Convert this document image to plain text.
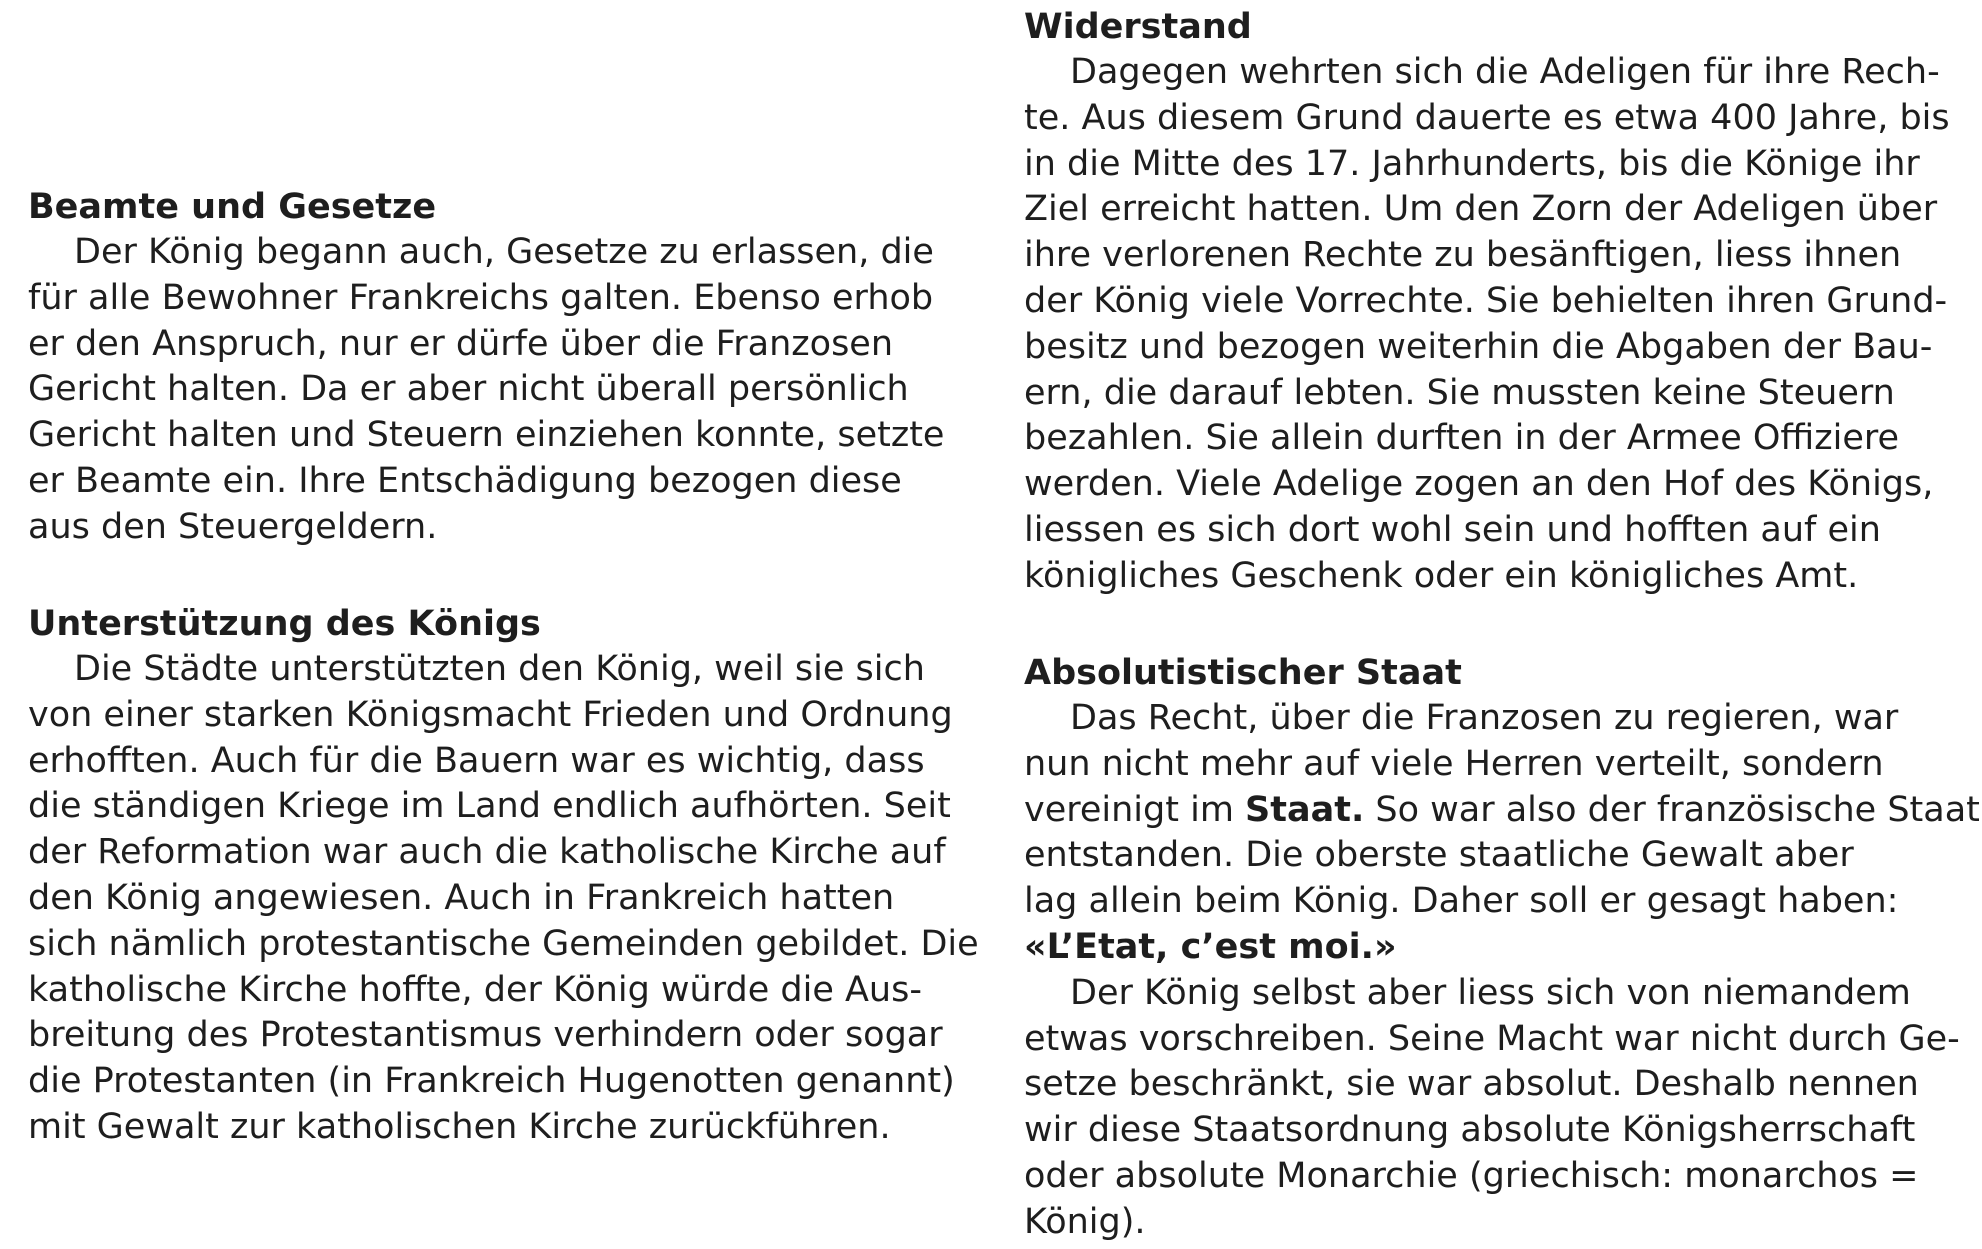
Beamte und Gesetze
Der König begann auch, Gesetze zu erlassen, die
für alle Bewohner Frankreichs galten. Ebenso erhob
er den Anspruch, nur er dürfe über die Franzosen
Gericht halten. Da er aber nicht überall persönlich
Gericht halten und Steuern einziehen konnte, setzte
er Beamte ein. Ihre Entschädigung bezogen diese
aus den Steuergeldern.
Unterstützung des Königs
Die Städte unterstützten den König, weil sie sich
von einer starken Königsmacht Frieden und Ordnung
erhofften. Auch für die Bauern war es wichtig, dass
die ständigen Kriege im Land endlich aufhörten. Seit
der Reformation war auch die katholische Kirche auf
den König angewiesen. Auch in Frankreich hatten
sich nämlich protestantische Gemeinden gebildet. Die
katholische Kirche hoffte, der König würde die Aus-
breitung des Protestantismus verhindern oder sogar
die Protestanten (in Frankreich Hugenotten genannt)
mit Gewalt zur katholischen Kirche zurückführen.
Widerstand
Dagegen wehrten sich die Adeligen für ihre Rech-
te. Aus diesem Grund dauerte es etwa 400 Jahre, bis
in die Mitte des 17. Jahrhunderts, bis die Könige ihr
Ziel erreicht hatten. Um den Zorn der Adeligen über
ihre verlorenen Rechte zu besänftigen, liess ihnen
der König viele Vorrechte. Sie behielten ihren Grund-
besitz und bezogen weiterhin die Abgaben der Bau-
ern, die darauf lebten. Sie mussten keine Steuern
bezahlen. Sie allein durften in der Armee Offiziere
werden. Viele Adelige zogen an den Hof des Königs,
liessen es sich dort wohl sein und hofften auf ein
königliches Geschenk oder ein königliches Amt.
Absolutistischer Staat
Das Recht, über die Franzosen zu regieren, war
nun nicht mehr auf viele Herren verteilt, sondern
vereinigt im Staat. So war also der französische Staat
entstanden. Die oberste staatliche Gewalt aber
lag allein beim König. Daher soll er gesagt haben:
«L’Etat, c’est moi.»
Der König selbst aber liess sich von niemandem
etwas vorschreiben. Seine Macht war nicht durch Ge-
setze beschränkt, sie war absolut. Deshalb nennen
wir diese Staatsordnung absolute Königsherrschaft
oder absolute Monarchie (griechisch: monarchos =
König).
